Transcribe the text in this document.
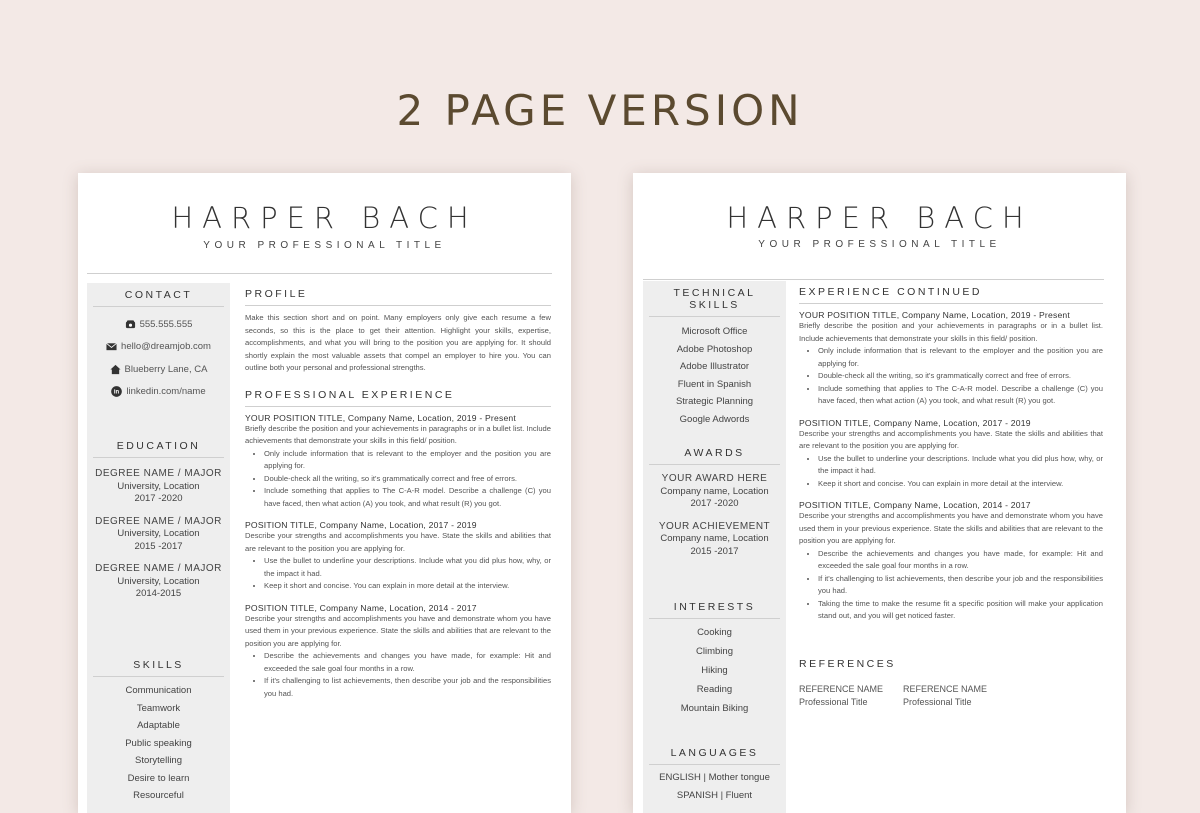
2 PAGE VERSION
HARPER BACH
YOUR PROFESSIONAL TITLE
CONTACT
555.555.555
hello@dreamjob.com
Blueberry Lane, CA
in linkedin.com/name
EDUCATION
DEGREE NAME / MAJOR
University, Location
2017 -2020
DEGREE NAME / MAJOR
University, Location
2015 -2017
DEGREE NAME / MAJOR
University, Location
2014-2015
SKILLS
Communication
Teamwork
Adaptable
Public speaking
Storytelling
Desire to learn
Resourceful
PROFILE
Make this section short and on point. Many employers only give each resume a few seconds, so this is the place to get their attention. Highlight your skills, expertise, accomplishments, and what you will bring to the position you are applying for. It should shortly explain the most valuable assets that compel an employer to hire you. You can outline both your personal and professional strengths.
PROFESSIONAL EXPERIENCE
YOUR POSITION TITLE, Company Name, Location, 2019 - Present
Briefly describe the position and your achievements in paragraphs or in a bullet list. Include achievements that demonstrate your skills in this field/ position.
• Only include information that is relevant to the employer and the position you are applying for.
• Double-check all the writing, so it's grammatically correct and free of errors.
• Include something that applies to The C-A-R model. Describe a challenge (C) you have faced, then what action (A) you took, and what result (R) you got.
POSITION TITLE, Company Name, Location, 2017 - 2019
Describe your strengths and accomplishments you have. State the skills and abilities that are relevant to the position you are applying for.
• Use the bullet to underline your descriptions. Include what you did plus how, why, or the impact it had.
• Keep it short and concise. You can explain in more detail at the interview.
POSITION TITLE, Company Name, Location, 2014 - 2017
Describe your strengths and accomplishments you have and demonstrate whom you have used them in your previous experience. State the skills and abilities that are relevant to the position you are applying for.
• Describe the achievements and changes you have made, for example: Hit and exceeded the sale goal four months in a row.
• If it's challenging to list achievements, then describe your job and the responsibilities you had.
HARPER BACH
YOUR PROFESSIONAL TITLE
TECHNICAL SKILLS
Microsoft Office
Adobe Photoshop
Adobe Illustrator
Fluent in Spanish
Strategic Planning
Google Adwords
AWARDS
YOUR AWARD HERE
Company name, Location
2017 -2020
YOUR ACHIEVEMENT
Company name, Location
2015 -2017
INTERESTS
Cooking
Climbing
Hiking
Reading
Mountain Biking
LANGUAGES
ENGLISH | Mother tongue
SPANISH | Fluent
EXPERIENCE CONTINUED
YOUR POSITION TITLE, Company Name, Location, 2019 - Present
Briefly describe the position and your achievements in paragraphs or in a bullet list. Include achievements that demonstrate your skills in this field/ position.
• Only include information that is relevant to the employer and the position you are applying for.
• Double-check all the writing, so it's grammatically correct and free of errors.
• Include something that applies to The C-A-R model. Describe a challenge (C) you have faced, then what action (A) you took, and what result (R) you got.
POSITION TITLE, Company Name, Location, 2017 - 2019
Describe your strengths and accomplishments you have. State the skills and abilities that are relevant to the position you are applying for.
• Use the bullet to underline your descriptions. Include what you did plus how, why, or the impact it had.
• Keep it short and concise. You can explain in more detail at the interview.
POSITION TITLE, Company Name, Location, 2014 - 2017
Describe your strengths and accomplishments you have and demonstrate whom you have used them in your previous experience. State the skills and abilities that are relevant to the position you are applying for.
• Describe the achievements and changes you have made, for example: Hit and exceeded the sale goal four months in a row.
• If it's challenging to list achievements, then describe your job and the responsibilities you had.
• Taking the time to make the resume fit a specific position will make your application stand out, and you will get noticed faster.
REFERENCES
REFERENCE NAME
Professional Title
REFERENCE NAME
Professional Title
